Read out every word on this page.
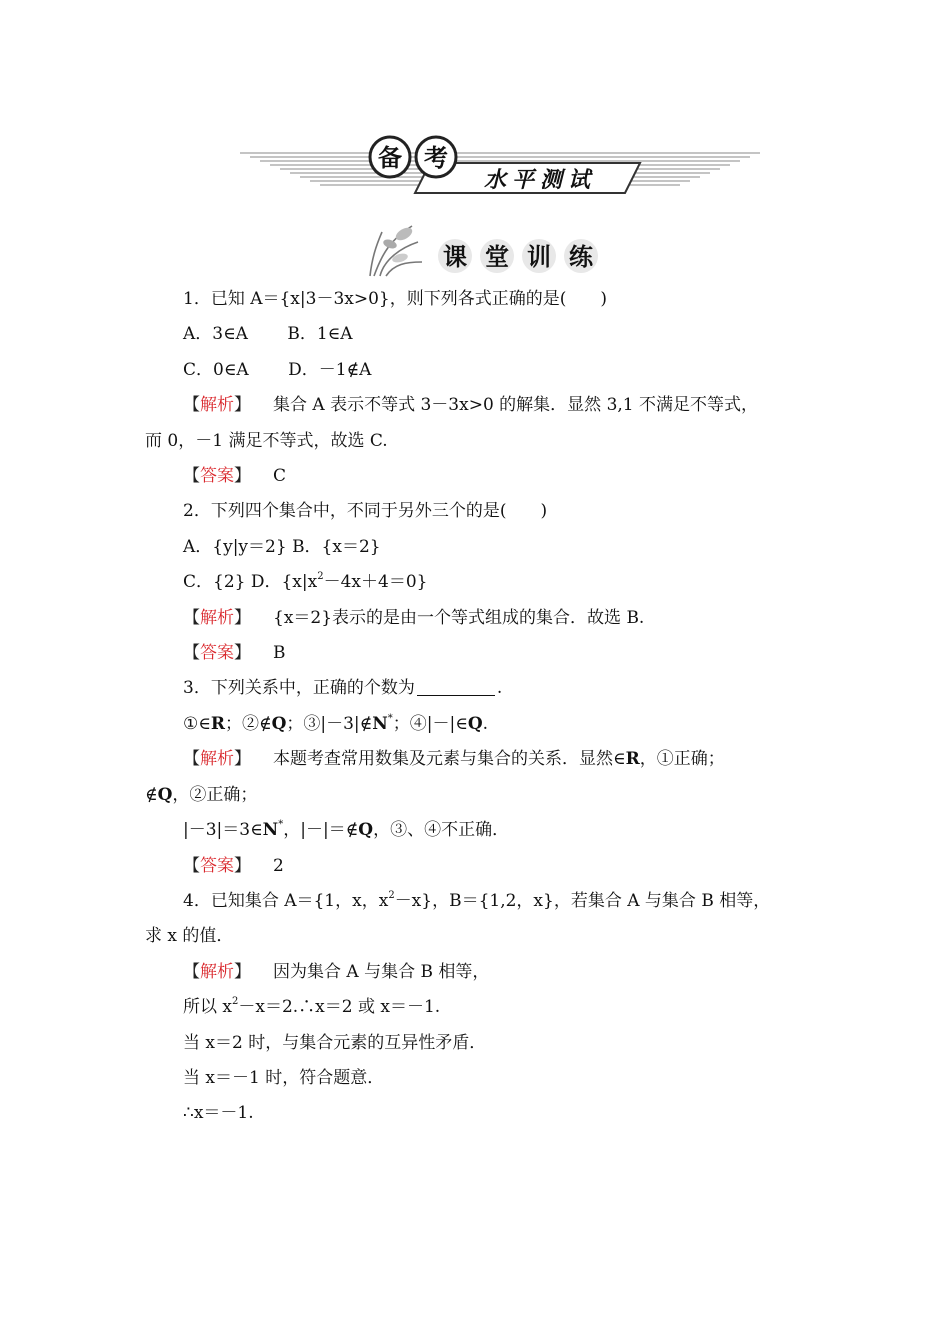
备 考
水平测试
课 堂 训 练

1．已知 A＝{x|3－3x>0}，则下列各式正确的是(　　)

A．3∈A　　 B．1∈A

C．0∈A　　 D．－1∉A

【解析】 集合 A 表示不等式 3－3x>0 的解集．显然 3,1 不满足不等式，

而 0，－1 满足不等式，故选 C.

【答案】 C

2．下列四个集合中，不同于另外三个的是(　　)

A．{y|y＝2} B．{x＝2}

C．{2} D．$\{x|x^2-4x+4=0\}$

【解析】 {x＝2}表示的是由一个等式组成的集合．故选 B.

【答案】 B

3．下列关系中，正确的个数为	.

①∈R；②∉Q；③|－3|∉N*；④|－|∈Q.

【解析】 本题考查常用数集及元素与集合的关系．显然∈R，①正确；

∉Q，②正确；

|－3|＝3∈N*，|－|＝∉Q，③、④不正确．

【答案】 2

4．已知集合 A＝{1，x，$x^2-x$}，B＝{1,2，x}，若集合 A 与集合 B 相等，

求 x 的值．

【解析】 因为集合 A 与集合 B 相等，

所以 $x^2-x=2.\therefore x=2$ 或 x＝－1.

当 x＝2 时，与集合元素的互异性矛盾．

当 x＝－1 时，符合题意．

∴x＝－1.
